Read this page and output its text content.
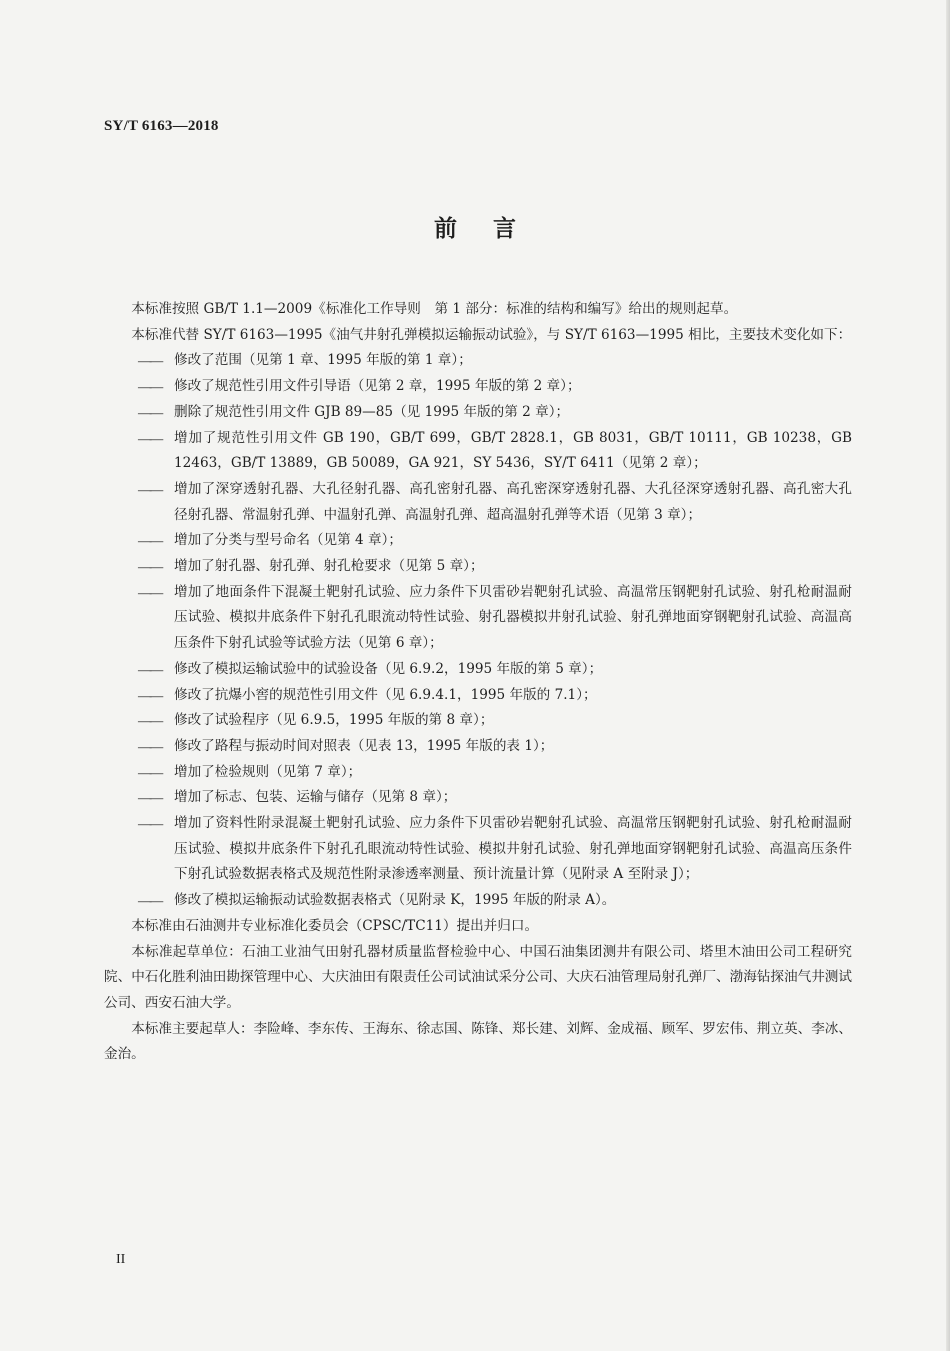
SY/T 6163—2018
前言

本标准按照 GB/T 1.1—2009《标准化工作导则　第 1 部分：标准的结构和编写》给出的规则起草。

本标准代替 SY/T 6163—1995《油气井射孔弹模拟运输振动试验》，与 SY/T 6163—1995 相比，主要技术变化如下：

—— 修改了范围（见第 1 章、1995 年版的第 1 章）；

—— 修改了规范性引用文件引导语（见第 2 章，1995 年版的第 2 章）；

—— 删除了规范性引用文件 GJB 89—85（见 1995 年版的第 2 章）；

—— 增加了规范性引用文件 GB 190，GB/T 699，GB/T 2828.1，GB 8031，GB/T 10111，GB 10238，GB 12463，GB/T 13889，GB 50089，GA 921，SY 5436，SY/T 6411（见第 2 章）；

—— 增加了深穿透射孔器、大孔径射孔器、高孔密射孔器、高孔密深穿透射孔器、大孔径深穿透射孔器、高孔密大孔径射孔器、常温射孔弹、中温射孔弹、高温射孔弹、超高温射孔弹等术语（见第 3 章）；

—— 增加了分类与型号命名（见第 4 章）；

—— 增加了射孔器、射孔弹、射孔枪要求（见第 5 章）；

—— 增加了地面条件下混凝土靶射孔试验、应力条件下贝雷砂岩靶射孔试验、高温常压钢靶射孔试验、射孔枪耐温耐压试验、模拟井底条件下射孔孔眼流动特性试验、射孔器模拟井射孔试验、射孔弹地面穿钢靶射孔试验、高温高压条件下射孔试验等试验方法（见第 6 章）；

—— 修改了模拟运输试验中的试验设备（见 6.9.2，1995 年版的第 5 章）；

—— 修改了抗爆小窖的规范性引用文件（见 6.9.4.1，1995 年版的 7.1）；

—— 修改了试验程序（见 6.9.5，1995 年版的第 8 章）；

—— 修改了路程与振动时间对照表（见表 13，1995 年版的表 1）；

—— 增加了检验规则（见第 7 章）；

—— 增加了标志、包装、运输与储存（见第 8 章）；

—— 增加了资料性附录混凝土靶射孔试验、应力条件下贝雷砂岩靶射孔试验、高温常压钢靶射孔试验、射孔枪耐温耐压试验、模拟井底条件下射孔孔眼流动特性试验、模拟井射孔试验、射孔弹地面穿钢靶射孔试验、高温高压条件下射孔试验数据表格式及规范性附录渗透率测量、预计流量计算（见附录 A 至附录 J）；

—— 修改了模拟运输振动试验数据表格式（见附录 K，1995 年版的附录 A）。

本标准由石油测井专业标准化委员会（CPSC/TC11）提出并归口。

本标准起草单位：石油工业油气田射孔器材质量监督检验中心、中国石油集团测井有限公司、塔里木油田公司工程研究院、中石化胜利油田勘探管理中心、大庆油田有限责任公司试油试采分公司、大庆石油管理局射孔弹厂、渤海钻探油气井测试公司、西安石油大学。

本标准主要起草人：李险峰、李东传、王海东、徐志国、陈锋、郑长建、刘辉、金成福、顾军、罗宏伟、荆立英、李冰、金治。

II
